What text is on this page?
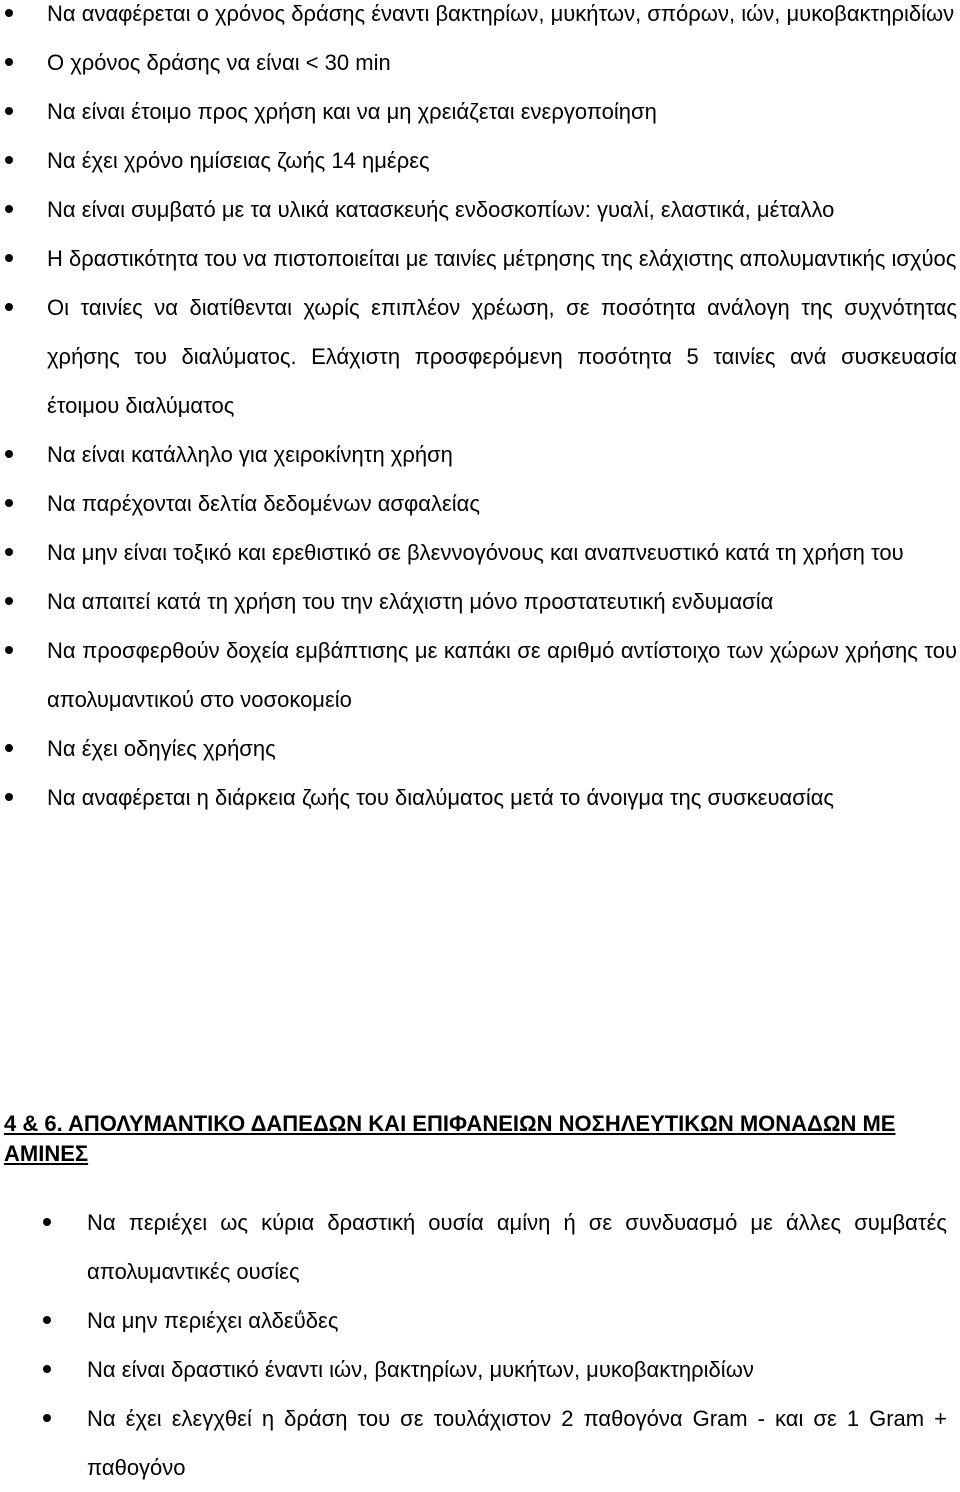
Να αναφέρεται ο χρόνος δράσης έναντι βακτηρίων, μυκήτων, σπόρων, ιών, μυκοβακτηριδίων
Ο χρόνος δράσης να είναι < 30 min
Να είναι έτοιμο προς χρήση και να μη χρειάζεται ενεργοποίηση
Να έχει χρόνο ημίσειας ζωής 14 ημέρες
Να είναι συμβατό με τα υλικά κατασκευής ενδοσκοπίων: γυαλί, ελαστικά, μέταλλο
Η δραστικότητα του να πιστοποιείται με ταινίες μέτρησης της ελάχιστης απολυμαντικής ισχύος
Οι ταινίες να διατίθενται χωρίς επιπλέον χρέωση, σε ποσότητα ανάλογη της συχνότητας χρήσης του διαλύματος. Ελάχιστη προσφερόμενη ποσότητα 5 ταινίες ανά συσκευασία έτοιμου διαλύματος
Να είναι κατάλληλο για χειροκίνητη χρήση
Να παρέχονται δελτία δεδομένων ασφαλείας
Να μην είναι τοξικό και ερεθιστικό σε βλεννογόνους και αναπνευστικό κατά τη χρήση του
Να απαιτεί κατά τη χρήση του την ελάχιστη μόνο προστατευτική ενδυμασία
Να προσφερθούν δοχεία εμβάπτισης με καπάκι σε αριθμό αντίστοιχο των χώρων χρήσης του απολυμαντικού στο νοσοκομείο
Να έχει οδηγίες χρήσης
Να αναφέρεται η διάρκεια ζωής του διαλύματος μετά το άνοιγμα της συσκευασίας
4 & 6. ΑΠΟΛΥΜΑΝΤΙΚΟ ΔΑΠΕΔΩΝ ΚΑΙ ΕΠΙΦΑΝΕΙΩΝ ΝΟΣΗΛΕΥΤΙΚΩΝ ΜΟΝΑΔΩΝ ΜΕ ΑΜΙΝΕΣ
Να περιέχει ως κύρια δραστική ουσία αμίνη ή σε συνδυασμό με άλλες συμβατές απολυμαντικές ουσίες
Να μην περιέχει αλδεΰδες
Να είναι δραστικό έναντι ιών, βακτηρίων, μυκήτων, μυκοβακτηριδίων
Να έχει ελεγχθεί η δράση του σε τουλάχιστον 2 παθογόνα Gram - και σε 1 Gram + παθογόνο
